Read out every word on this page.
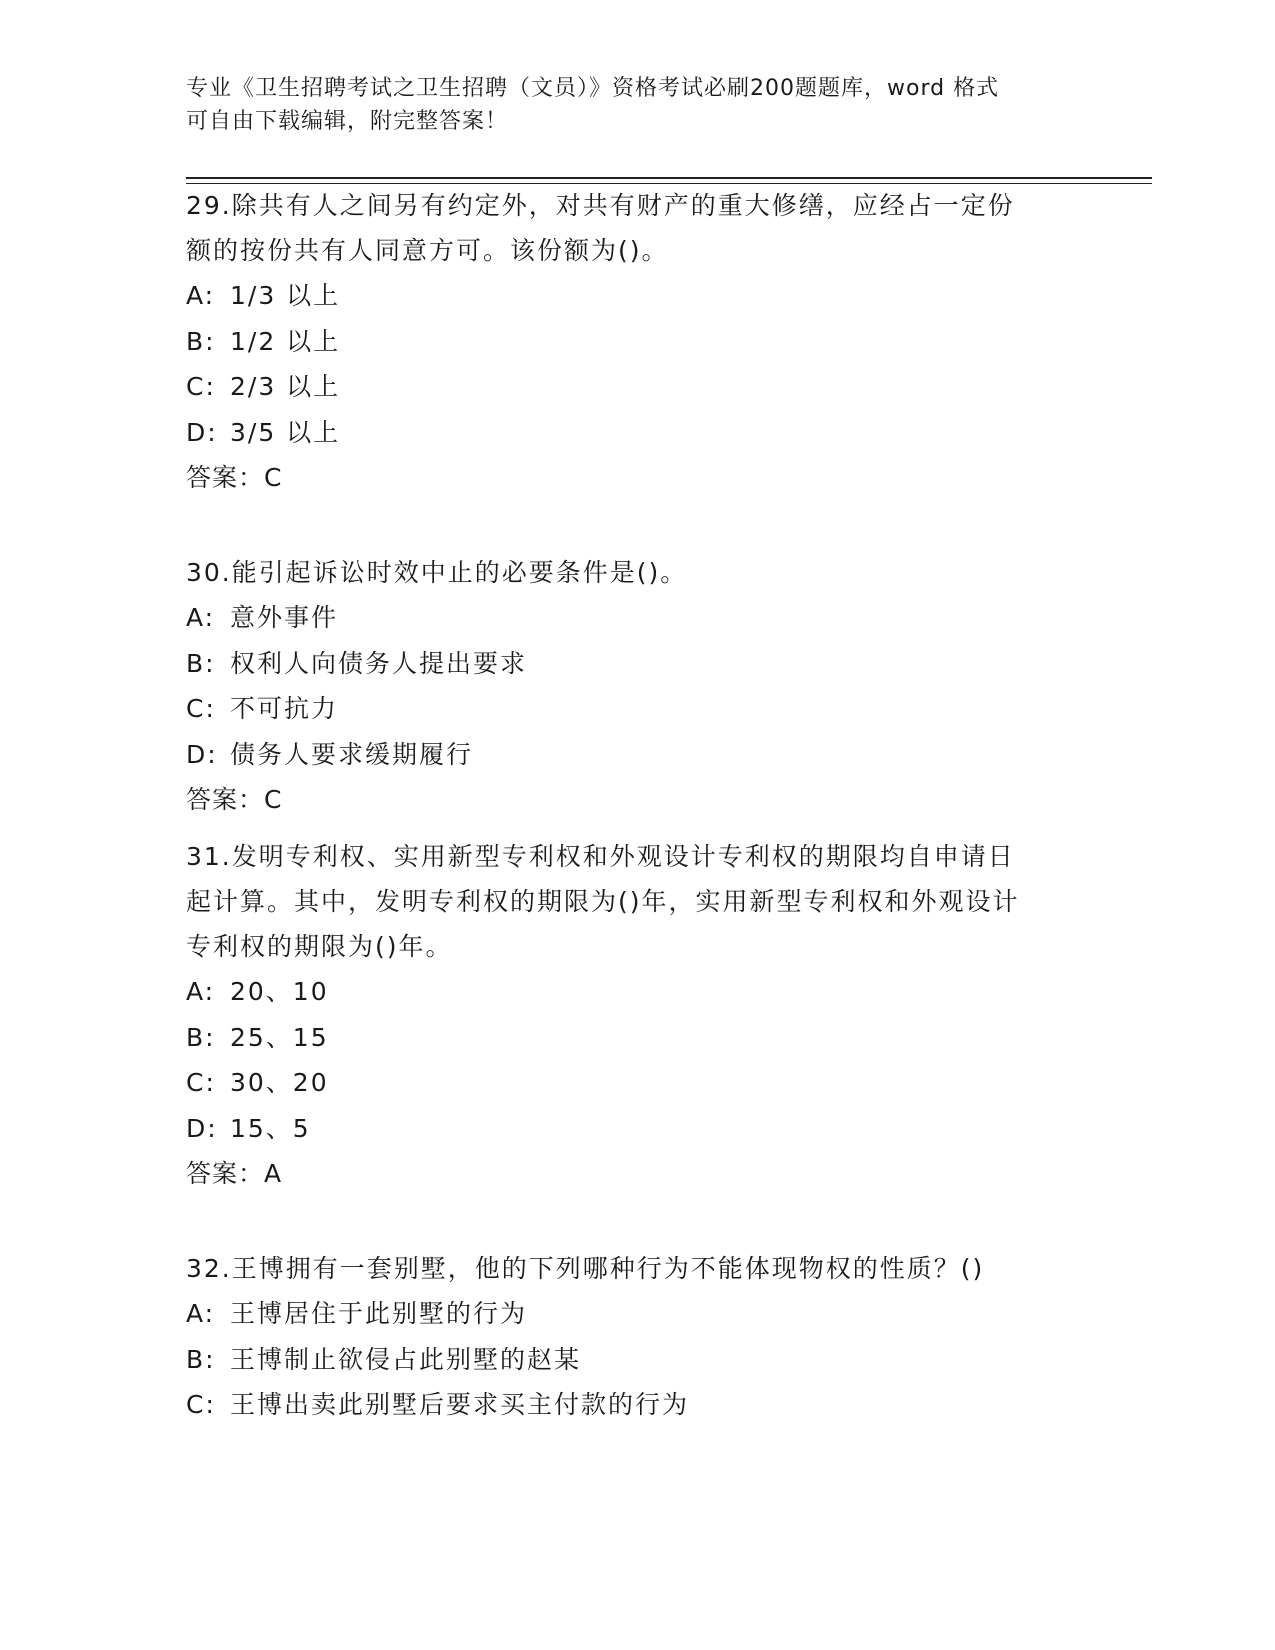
专业《卫生招聘考试之卫生招聘（文员）》资格考试必刷200题题库，word 格式
可自由下载编辑，附完整答案！
29.除共有人之间另有约定外，对共有财产的重大修缮，应经占一定份额的按份共有人同意方可。该份额为()。
A: 1/3 以上
B: 1/2 以上
C: 2/3 以上
D: 3/5 以上
答案：C
30.能引起诉讼时效中止的必要条件是()。
A: 意外事件
B: 权利人向债务人提出要求
C: 不可抗力
D: 债务人要求缓期履行
答案：C
31.发明专利权、实用新型专利权和外观设计专利权的期限均自申请日起计算。其中，发明专利权的期限为()年，实用新型专利权和外观设计专利权的期限为()年。
A: 20、10
B: 25、15
C: 30、20
D: 15、5
答案：A
32.王博拥有一套别墅，他的下列哪种行为不能体现物权的性质？()
A: 王博居住于此别墅的行为
B: 王博制止欲侵占此别墅的赵某
C: 王博出卖此别墅后要求买主付款的行为
